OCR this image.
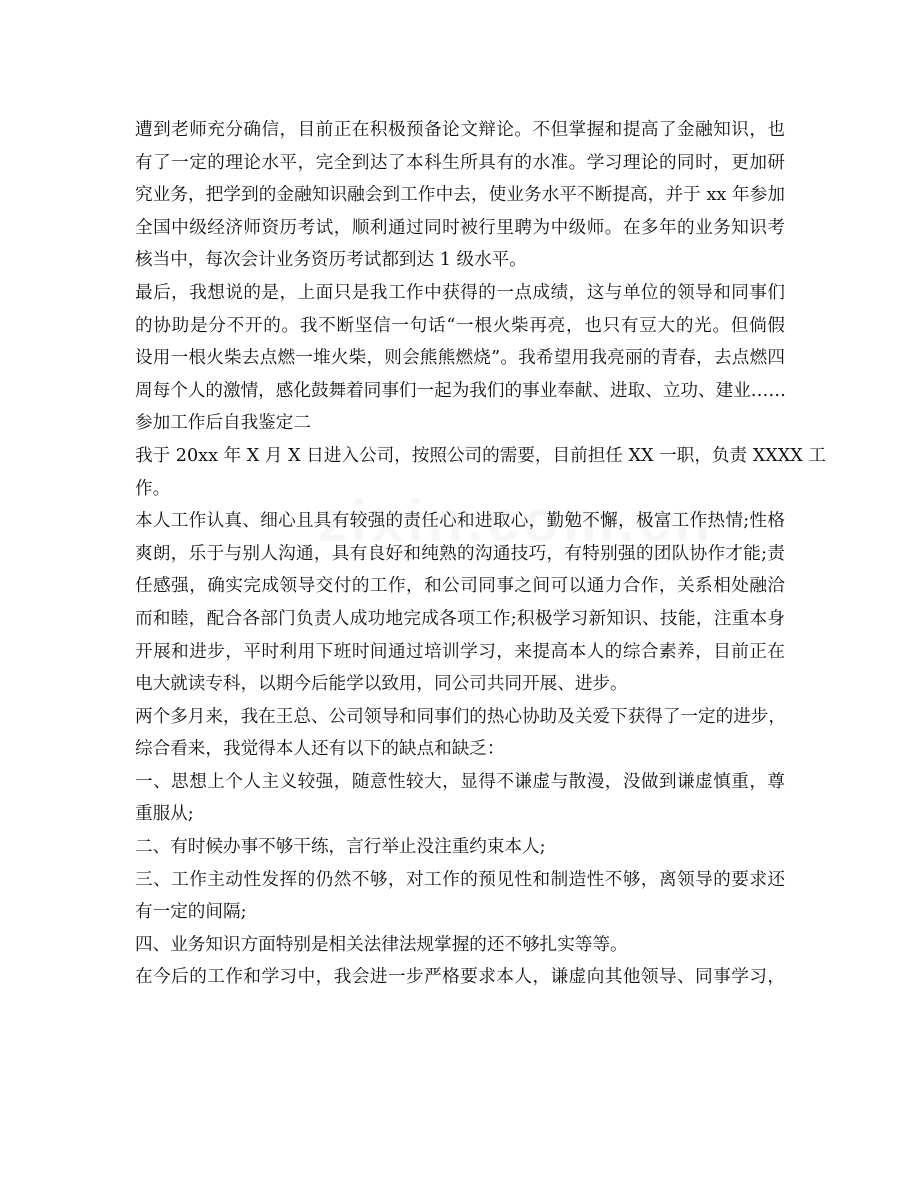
遭到老师充分确信，目前正在积极预备论文辩论。不但掌握和提高了金融知识，也
有了一定的理论水平，完全到达了本科生所具有的水准。学习理论的同时，更加研
究业务，把学到的金融知识融会到工作中去，使业务水平不断提高，并于 xx 年参加
全国中级经济师资历考试，顺利通过同时被行里聘为中级师。在多年的业务知识考
核当中，每次会计业务资历考试都到达 1 级水平。
最后，我想说的是，上面只是我工作中获得的一点成绩，这与单位的领导和同事们
的协助是分不开的。我不断坚信一句话“一根火柴再亮，也只有豆大的光。但倘假
设用一根火柴去点燃一堆火柴，则会熊熊燃烧”。我希望用我亮丽的青春，去点燃四
周每个人的激情，感化鼓舞着同事们一起为我们的事业奉献、进取、立功、建业……
参加工作后自我鉴定二
我于 20xx 年 X 月 X 日进入公司，按照公司的需要，目前担任 XX 一职，负责 XXXX 工
作。
本人工作认真、细心且具有较强的责任心和进取心，勤勉不懈，极富工作热情;性格
爽朗，乐于与别人沟通，具有良好和纯熟的沟通技巧，有特别强的团队协作才能;责
任感强，确实完成领导交付的工作，和公司同事之间可以通力合作，关系相处融洽
而和睦，配合各部门负责人成功地完成各项工作;积极学习新知识、技能，注重本身
开展和进步，平时利用下班时间通过培训学习，来提高本人的综合素养，目前正在
电大就读专科，以期今后能学以致用，同公司共同开展、进步。
两个多月来，我在王总、公司领导和同事们的热心协助及关爱下获得了一定的进步，
综合看来，我觉得本人还有以下的缺点和缺乏：
一、思想上个人主义较强，随意性较大，显得不谦虚与散漫，没做到谦虚慎重，尊
重服从;
二、有时候办事不够干练，言行举止没注重约束本人;
三、工作主动性发挥的仍然不够，对工作的预见性和制造性不够，离领导的要求还
有一定的间隔;
四、业务知识方面特别是相关法律法规掌握的还不够扎实等等。
在今后的工作和学习中，我会进一步严格要求本人，谦虚向其他领导、同事学习，
